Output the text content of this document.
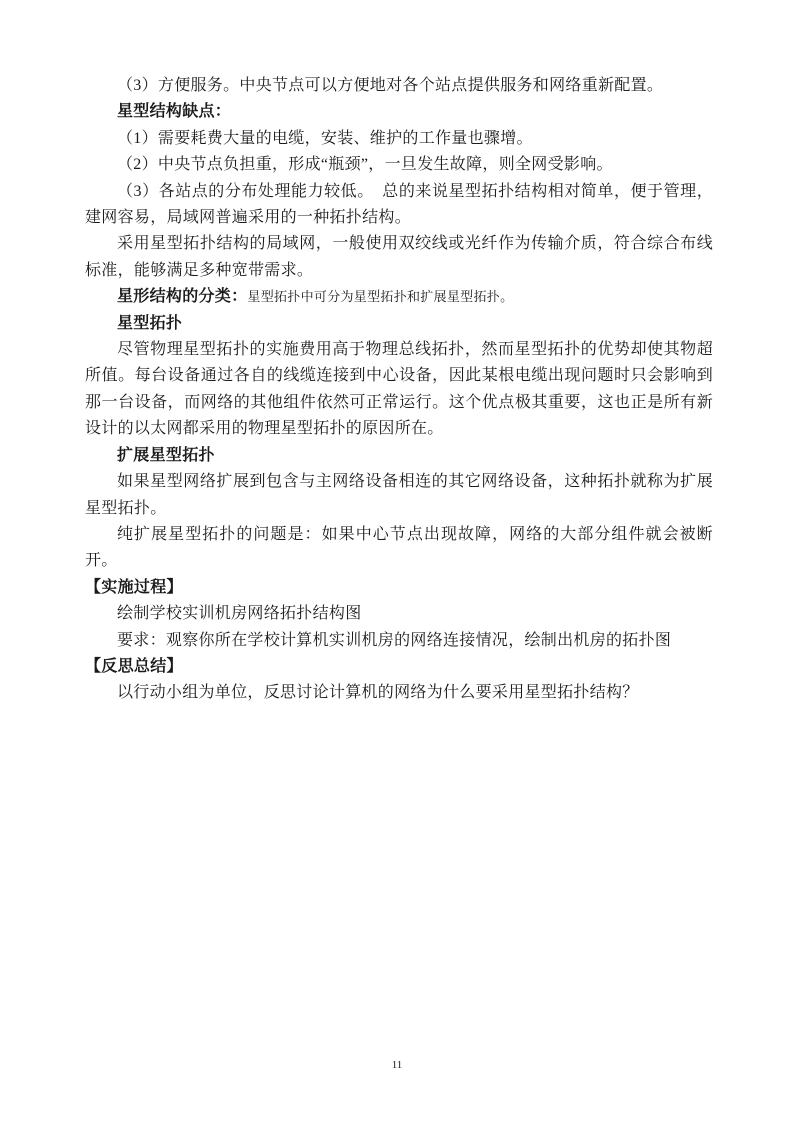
（3）方便服务。中央节点可以方便地对各个站点提供服务和网络重新配置。

星型结构缺点：

（1）需要耗费大量的电缆，安装、维护的工作量也骤增。

（2）中央节点负担重，形成“瓶颈”，一旦发生故障，则全网受影响。

（3）各站点的分布处理能力较低。　总的来说星型拓扑结构相对简单，便于管理，建网容易，局域网普遍采用的一种拓扑结构。

采用星型拓扑结构的局域网，一般使用双绞线或光纤作为传输介质，符合综合布线标准，能够满足多种宽带需求。

星形结构的分类：星型拓扑中可分为星型拓扑和扩展星型拓扑。

星型拓扑

尽管物理星型拓扑的实施费用高于物理总线拓扑，然而星型拓扑的优势却使其物超所值。每台设备通过各自的线缆连接到中心设备，因此某根电缆出现问题时只会影响到那一台设备，而网络的其他组件依然可正常运行。这个优点极其重要，这也正是所有新设计的以太网都采用的物理星型拓扑的原因所在。

扩展星型拓扑

如果星型网络扩展到包含与主网络设备相连的其它网络设备，这种拓扑就称为扩展星型拓扑。

纯扩展星型拓扑的问题是：如果中心节点出现故障，网络的大部分组件就会被断开。

【实施过程】

绘制学校实训机房网络拓扑结构图

要求：观察你所在学校计算机实训机房的网络连接情况，绘制出机房的拓扑图

【反思总结】

以行动小组为单位，反思讨论计算机的网络为什么要采用星型拓扑结构？

11
